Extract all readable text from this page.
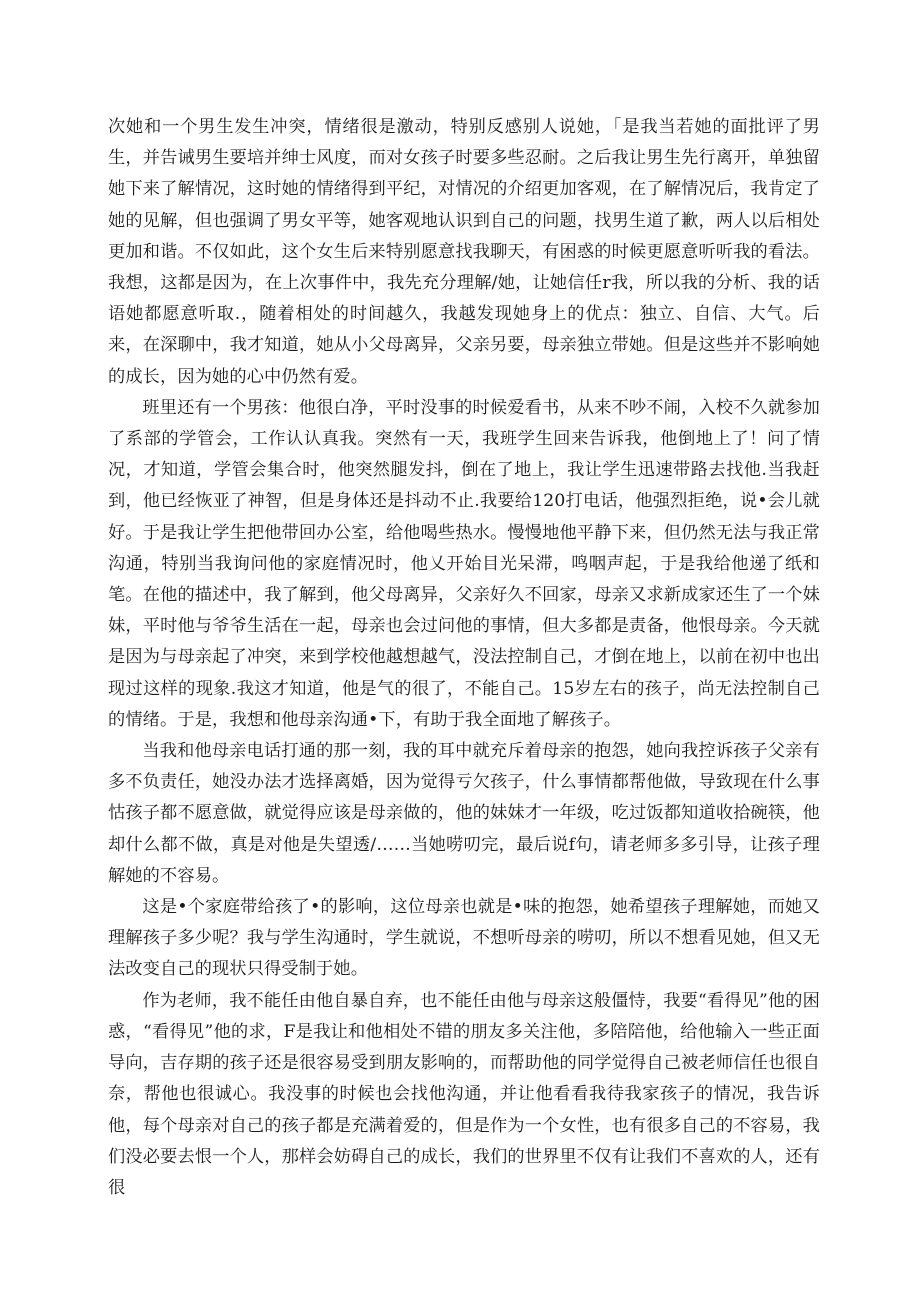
次她和一个男生发生冲突，情绪很是激动，特别反感别人说她，「是我当若她的面批评了男生，并告诫男生要培并绅士风度，而对女孩子时要多些忍耐。之后我让男生先行离开，单独留她下来了解情况，这时她的情绪得到平纪，对情况的介绍更加客观，在了解情况后，我肯定了她的见解，但也强调了男女平等，她客观地认识到自己的问题，找男生道了歉，两人以后相处更加和谐。不仅如此，这个女生后来特别愿意找我聊天，有困惑的时候更愿意听听我的看法。我想，这都是因为，在上次事件中，我先充分理解/她，让她信任r我，所以我的分析、我的话语她都愿意听取.，随着相处的时间越久，我越发现她身上的优点：独立、自信、大气。后来，在深聊中，我才知道，她从小父母离异，父亲另要，母亲独立带她。但是这些并不影响她的成长，因为她的心中仍然有爱。

班里还有一个男孩：他很白净，平时没事的时候爱看书，从来不吵不闹，入校不久就参加了系部的学管会，工作认认真我。突然有一天，我班学生回来告诉我，他倒地上了！问了情况，才知道，学管会集合时，他突然腿发抖，倒在了地上，我让学生迅速带路去找他.当我赶到，他已经恢亚了神智，但是身体还是抖动不止.我要给120打电话，他强烈拒绝，说•会儿就好。于是我让学生把他带回办公室，给他喝些热水。慢慢地他平静下来，但仍然无法与我正常沟通，特别当我询问他的家庭情况时，他乂开始目光呆滞，鸣咽声起，于是我给他递了纸和笔。在他的描述中，我了解到，他父母离异，父亲好久不回家，母亲又求新成家还生了一个妹妹，平时他与爷爷生活在一起，母亲也会过问他的事情，但大多都是责备，他恨母亲。今天就是因为与母亲起了冲突，来到学校他越想越气，没法控制自己，才倒在地上，以前在初中也出现过这样的现象.我这才知道，他是气的很了，不能自己。15岁左右的孩子，尚无法控制自己的情绪。于是，我想和他母亲沟通•下，有助于我全面地了解孩子。

当我和他母亲电话打通的那一刻，我的耳中就充斥着母亲的抱怨，她向我控诉孩子父亲有多不负责任，她没办法才选择离婚，因为觉得亏欠孩子，什么事情都帮他做，导致现在什么事怙孩子都不愿意做，就觉得应该是母亲做的，他的妹妹才一年级，吃过饭都知道收拾碗筷，他却什么都不做，真是对他是失望透/……当她唠叨完，最后说f句，请老师多多引导，让孩子理解她的不容易。

这是•个家庭带给孩了•的影响，这位母亲也就是•味的抱怨，她希望孩子理解她，而她又理解孩子多少呢？我与学生沟通时，学生就说，不想听母亲的唠叨，所以不想看见她，但又无法改变自己的现状只得受制于她。

作为老师，我不能任由他自暴自弃，也不能任由他与母亲这般僵恃，我要“看得见”他的困惑，“看得见”他的求，F是我让和他相处不错的朋友多关注他，多陪陪他，给他输入一些正面导向，吉存期的孩子还是很容易受到朋友影响的，而帮助他的同学觉得自己被老师信任也很自奈，帮他也很诚心。我没事的时候也会找他沟通，并让他看看我待我家孩子的情况，我告诉他，每个母亲对自己的孩子都是充满着爱的，但是作为一个女性，也有很多自己的不容易，我们没必要去恨一个人，那样会妨碍自己的成长，我们的世界里不仅有让我们不喜欢的人，还有很
